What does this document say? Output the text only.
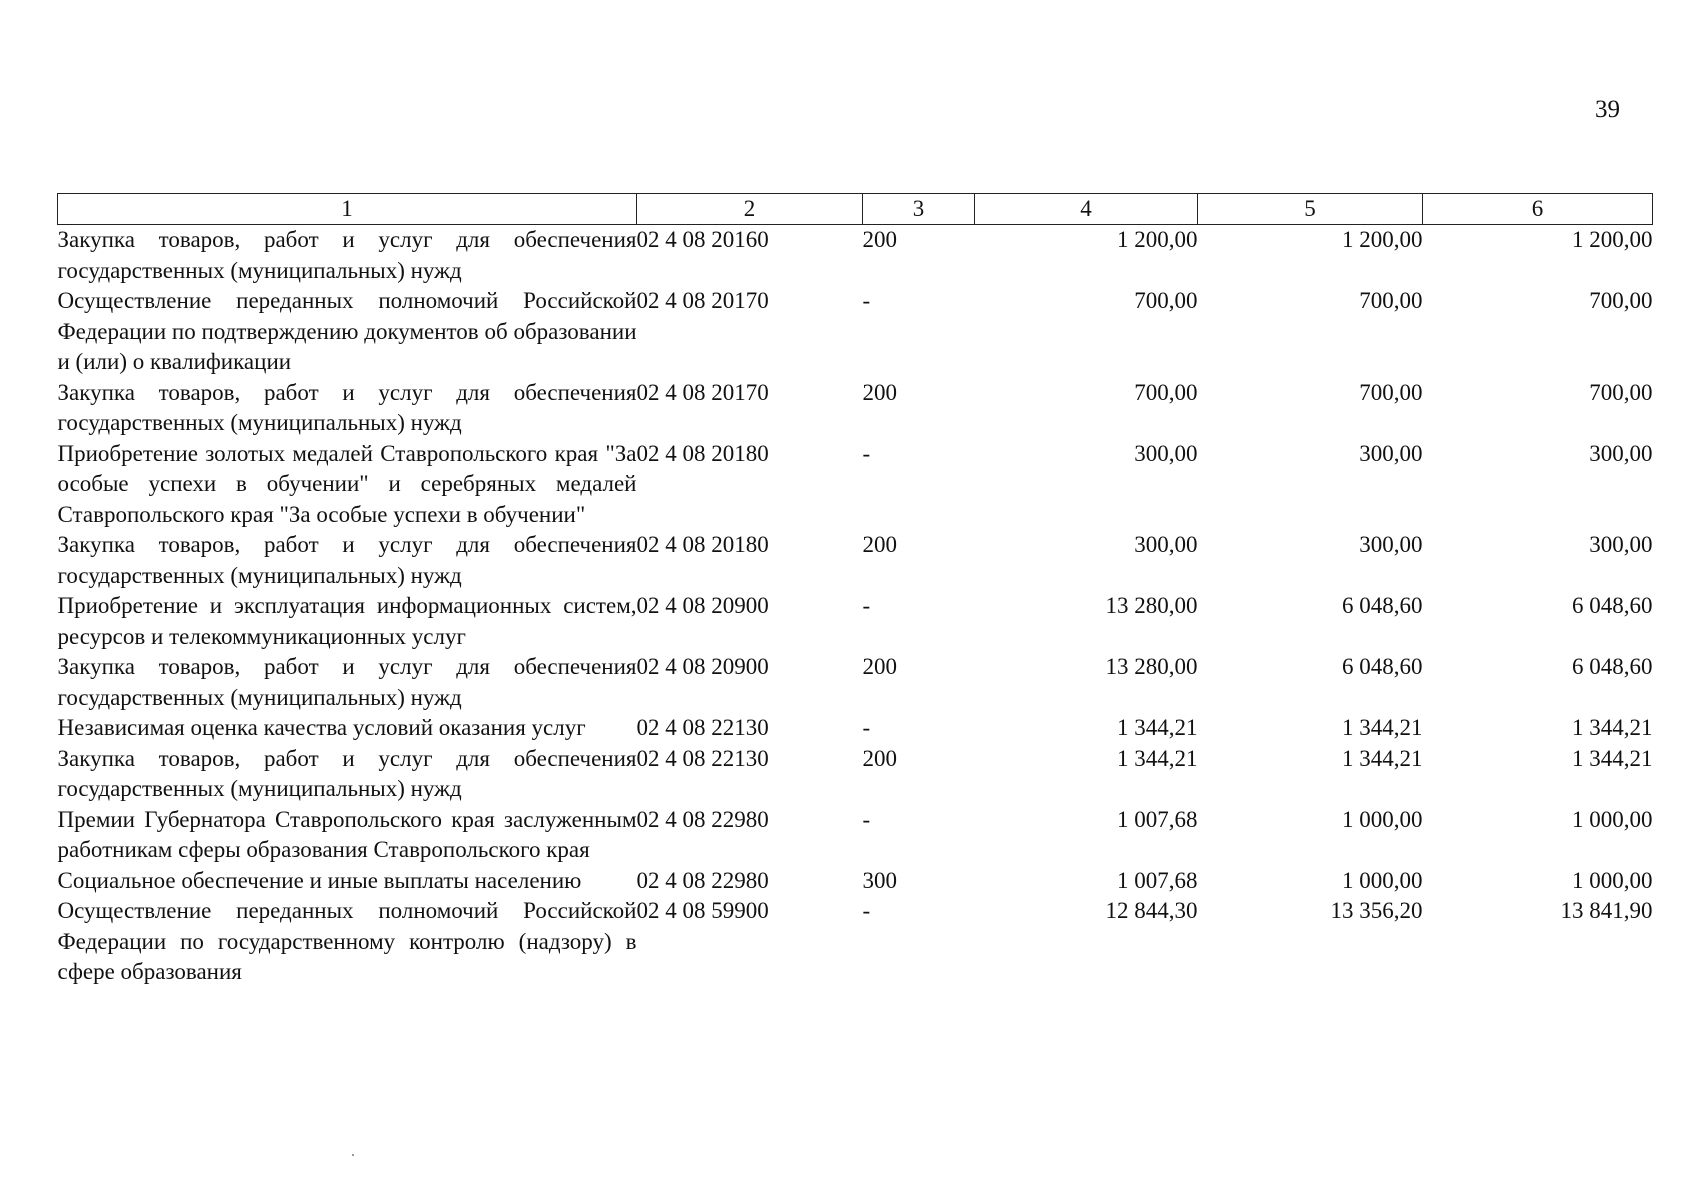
39
1	2	3	4	5	6

Закупка товаров, работ и услуг для обеспечения государственных (муниципальных) нужд	02 4 08 20160	200	1 200,00	1 200,00	1 200,00

Осуществление переданных полномочий Российской Федерации по подтверждению документов об образовании и (или) о квалификации	02 4 08 20170	-	700,00	700,00	700,00

Закупка товаров, работ и услуг для обеспечения государственных (муниципальных) нужд	02 4 08 20170	200	700,00	700,00	700,00

Приобретение золотых медалей Ставропольского края "За особые успехи в обучении" и серебряных медалей Ставропольского края "За особые успехи в обучении"	02 4 08 20180	-	300,00	300,00	300,00

Закупка товаров, работ и услуг для обеспечения государственных (муниципальных) нужд	02 4 08 20180	200	300,00	300,00	300,00

Приобретение и эксплуатация информационных систем, ресурсов и телекоммуникационных услуг	02 4 08 20900	-	13 280,00	6 048,60	6 048,60

Закупка товаров, работ и услуг для обеспечения государственных (муниципальных) нужд	02 4 08 20900	200	13 280,00	6 048,60	6 048,60

Независимая оценка качества условий оказания услуг	02 4 08 22130	-	1 344,21	1 344,21	1 344,21

Закупка товаров, работ и услуг для обеспечения государственных (муниципальных) нужд	02 4 08 22130	200	1 344,21	1 344,21	1 344,21

Премии Губернатора Ставропольского края заслуженным работникам сферы образования Ставропольского края	02 4 08 22980	-	1 007,68	1 000,00	1 000,00

Социальное обеспечение и иные выплаты населению	02 4 08 22980	300	1 007,68	1 000,00	1 000,00

Осуществление переданных полномочий Российской Федерации по государственному контролю (надзору) в сфере образования	02 4 08 59900	-	12 844,30	13 356,20	13 841,90
